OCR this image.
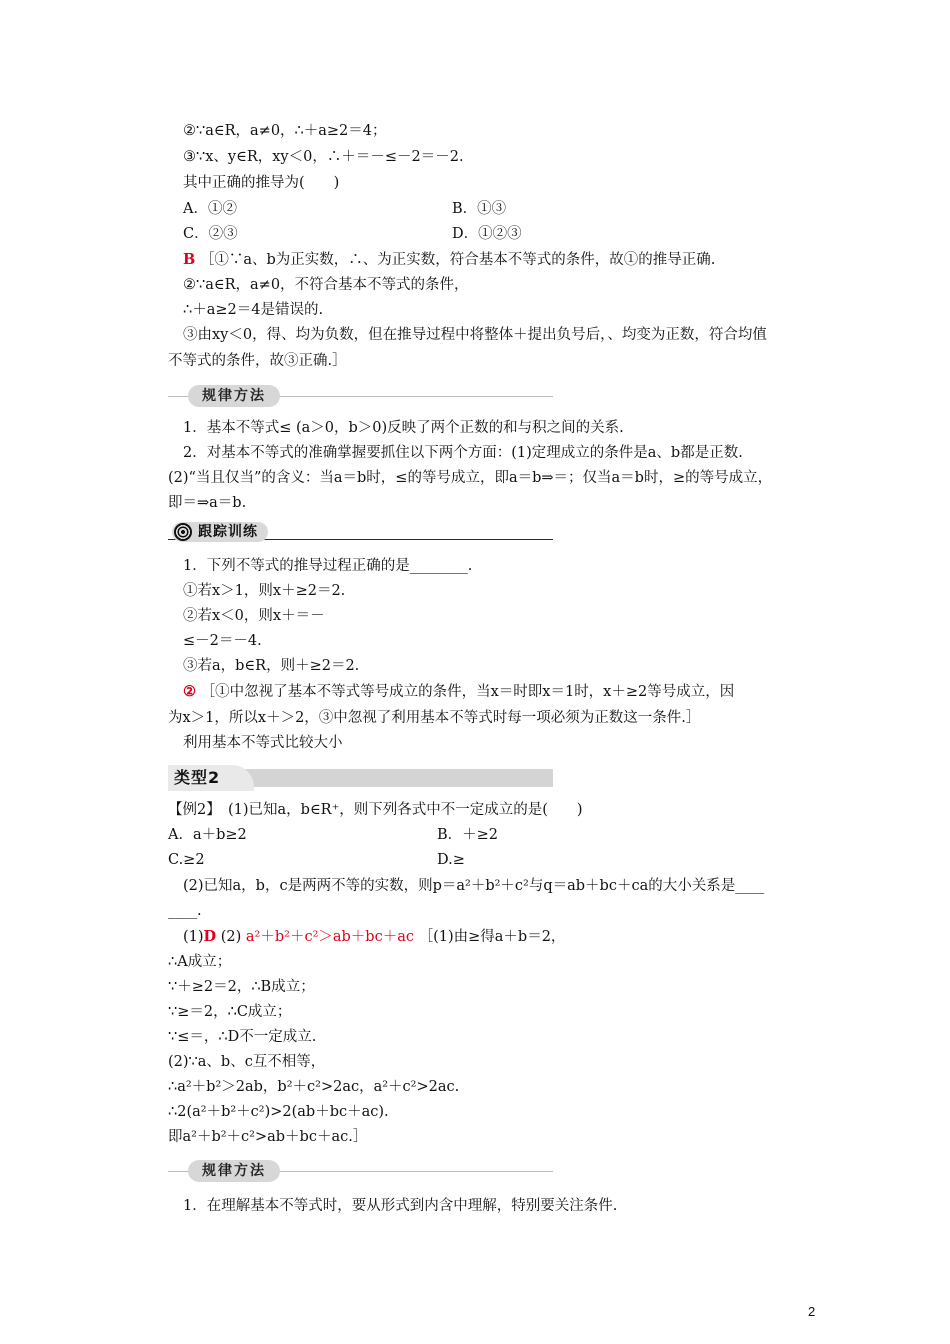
②∵a∈R，a≠0，∴＋a≥2＝4；
③∵x、y∈R，xy＜0，∴＋＝－≤－2＝－2.
其中正确的推导为(　　)
A．①②	B．①③
C．②③	D．①②③
B ［①∵a、b为正实数，∴、为正实数，符合基本不等式的条件，故①的推导正确.
②∵a∈R，a≠0，不符合基本不等式的条件，
∴＋a≥2＝4是错误的.
③由xy＜0，得、均为负数，但在推导过程中将整体＋提出负号后，、均变为正数，符合均值
不等式的条件，故③正确.］
规律方法
1．基本不等式≤ (a＞0，b＞0)反映了两个正数的和与积之间的关系.
2．对基本不等式的准确掌握要抓住以下两个方面：(1)定理成立的条件是a、b都是正数.
(2)“当且仅当”的含义：当a＝b时，≤的等号成立，即a＝b⇒＝；仅当a＝b时，≥的等号成立，
即＝⇒a＝b.
跟踪训练
1．下列不等式的推导过程正确的是________.
①若x＞1，则x＋≥2＝2.
②若x＜0，则x＋＝－
≤－2＝－4.
③若a，b∈R，则＋≥2＝2.
② ［①中忽视了基本不等式等号成立的条件，当x＝时即x＝1时，x＋≥2等号成立，因
为x＞1，所以x＋＞2，③中忽视了利用基本不等式时每一项必须为正数这一条件.］
利用基本不等式比较大小
类型2
【例2】　(1)已知a，b∈R⁺，则下列各式中不一定成立的是(　　)
A．a＋b≥2	B．＋≥2
C.≥2	D.≥
(2)已知a，b，c是两两不等的实数，则p＝a²＋b²＋c²与q＝ab＋bc＋ca的大小关系是____
____.
(1)D (2) a²＋b²＋c²＞ab＋bc＋ac ［(1)由≥得a＋b＝2，
∴A成立；
∵＋≥2＝2，∴B成立；
∵≥＝2，∴C成立；
∵≤＝，∴D不一定成立.
(2)∵a、b、c互不相等，
∴a²＋b²＞2ab，b²＋c²>2ac，a²＋c²>2ac.
∴2(a²＋b²＋c²)>2(ab＋bc＋ac).
即a²＋b²＋c²>ab＋bc＋ac.］
规律方法
1．在理解基本不等式时，要从形式到内含中理解，特别要关注条件.
2
